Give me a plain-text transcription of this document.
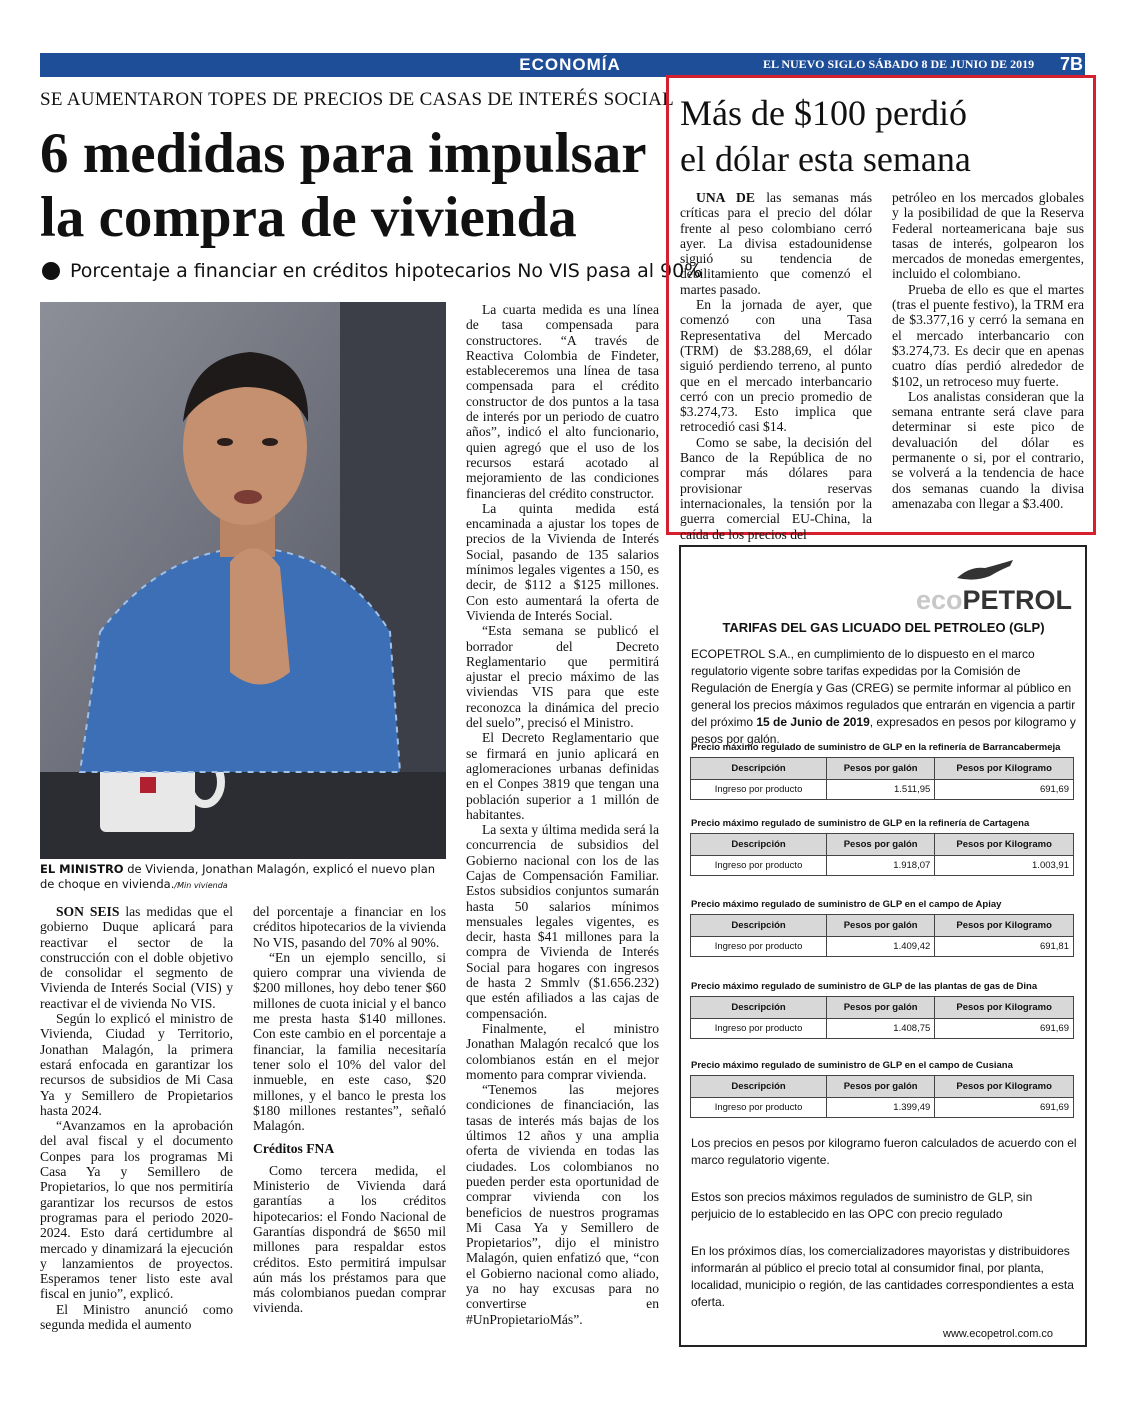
ECONOMÍA	EL NUEVO SIGLO SÁBADO 8 DE JUNIO DE 2019 7B
SE AUMENTARON TOPES DE PRECIOS DE CASAS DE INTERÉS SOCIAL
6 medidas para impulsar
la compra de vivienda
Porcentaje a financiar en créditos hipotecarios No VIS pasa al 90%
EL MINISTRO de Vivienda, Jonathan Malagón, explicó el nuevo plan de choque en vivienda./Min vivienda

SON SEIS las medidas que el gobierno Duque aplicará para reactivar el sector de la construcción con el doble objetivo de consolidar el segmento de Vivienda de Interés Social (VIS) y reactivar el de vivienda No VIS.

Según lo explicó el ministro de Vivienda, Ciudad y Territorio, Jonathan Malagón, la primera estará enfocada en garantizar los recursos de subsidios de Mi Casa Ya y Semillero de Propietarios hasta 2024.

“Avanzamos en la aprobación del aval fiscal y el documento Conpes para los programas Mi Casa Ya y Semillero de Propietarios, lo que nos permitiría garantizar los recursos de estos programas para el periodo 2020-2024. Esto dará certidumbre al mercado y dinamizará la ejecución y lanzamientos de proyectos. Esperamos tener listo este aval fiscal en junio”, explicó.

El Ministro anunció como segunda medida el aumento

del porcentaje a financiar en los créditos hipotecarios de la vivienda No VIS, pasando del 70% al 90%.

“En un ejemplo sencillo, si quiero comprar una vivienda de $200 millones, hoy debo tener $60 millones de cuota inicial y el banco me presta hasta $140 millones. Con este cambio en el porcentaje a financiar, la familia necesitaría tener solo el 10% del valor del inmueble, en este caso, $20 millones, y el banco le presta los $180 millones restantes”, señaló Malagón.

Créditos FNA

Como tercera medida, el Ministerio de Vivienda dará garantías a los créditos hipotecarios: el Fondo Nacional de Garantías dispondrá de $650 mil millones para respaldar estos créditos. Esto permitirá impulsar aún más los préstamos para que más colombianos puedan comprar vivienda.

La cuarta medida es una línea de tasa compensada para constructores. “A través de Reactiva Colombia de Findeter, estableceremos una línea de tasa compensada para el crédito constructor de dos puntos a la tasa de interés por un periodo de cuatro años”, indicó el alto funcionario, quien agregó que el uso de los recursos estará acotado al mejoramiento de las condiciones financieras del crédito constructor.

La quinta medida está encaminada a ajustar los topes de precios de la Vivienda de Interés Social, pasando de 135 salarios mínimos legales vigentes a 150, es decir, de $112 a $125 millones. Con esto aumentará la oferta de Vivienda de Interés Social.

“Esta semana se publicó el borrador del Decreto Reglamentario que permitirá ajustar el precio máximo de las viviendas VIS para que este reconozca la dinámica del precio del suelo”, precisó el Ministro.

El Decreto Reglamentario que se firmará en junio aplicará en aglomeraciones urbanas definidas en el Conpes 3819 que tengan una población superior a 1 millón de habitantes.

La sexta y última medida será la concurrencia de subsidios del Gobierno nacional con los de las Cajas de Compensación Familiar. Estos subsidios conjuntos sumarán hasta 50 salarios mínimos mensuales legales vigentes, es decir, hasta $41 millones para la compra de Vivienda de Interés Social para hogares con ingresos de hasta 2 Smmlv ($1.656.232) que estén afiliados a las cajas de compensación.

Finalmente, el ministro Jonathan Malagón recalcó que los colombianos están en el mejor momento para comprar vivienda.

“Tenemos las mejores condiciones de financiación, las tasas de interés más bajas de los últimos 12 años y una amplia oferta de vivienda en todas las ciudades. Los colombianos no pueden perder esta oportunidad de comprar vivienda con los beneficios de nuestros programas Mi Casa Ya y Semillero de Propietarios”, dijo el ministro Malagón, quien enfatizó que, “con el Gobierno nacional como aliado, ya no hay excusas para no convertirse en #UnPropietarioMás”.

Más de $100 perdió
el dólar esta semana

UNA DE las semanas más críticas para el precio del dólar frente al peso colombiano cerró ayer. La divisa estadounidense siguió su tendencia de debilitamiento que comenzó el martes pasado.

En la jornada de ayer, que comenzó con una Tasa Representativa del Mercado (TRM) de $3.288,69, el dólar siguió perdiendo terreno, al punto que en el mercado interbancario cerró con un precio promedio de $3.274,73. Esto implica que retrocedió casi $14.

Como se sabe, la decisión del Banco de la República de no comprar más dólares para provisionar reservas internacionales, la tensión por la guerra comercial EU-China, la caída de los precios del

petróleo en los mercados globales y la posibilidad de que la Reserva Federal norteamericana baje sus tasas de interés, golpearon los mercados de monedas emergentes, incluido el colombiano.

Prueba de ello es que el martes (tras el puente festivo), la TRM era de $3.377,16 y cerró la semana en el mercado interbancario con $3.274,73. Es decir que en apenas cuatro días perdió alrededor de $102, un retroceso muy fuerte.

Los analistas consideran que la semana entrante será clave para determinar si este pico de devaluación del dólar es permanente o si, por el contrario, se volverá a la tendencia de hace dos semanas cuando la divisa amenazaba con llegar a $3.400.

ecoPETROL
TARIFAS DEL GAS LICUADO DEL PETROLEO (GLP)
ECOPETROL S.A., en cumplimiento de lo dispuesto en el marco regulatorio vigente sobre tarifas expedidas por la Comisión de Regulación de Energía y Gas (CREG) se permite informar al público en general los precios máximos regulados que entrarán en vigencia a partir del próximo 15 de Junio de 2019, expresados en pesos por kilogramo y pesos por galón.
Precio máximo regulado de suministro de GLP en la refinería de Barrancabermeja
Descripción	Pesos por galón	Pesos por Kilogramo
Ingreso por producto	1.511,95	691,69
Precio máximo regulado de suministro de GLP en la refinería de Cartagena
Descripción	Pesos por galón	Pesos por Kilogramo
Ingreso por producto	1.918,07	1.003,91
Precio máximo regulado de suministro de GLP en el campo de Apiay
Descripción	Pesos por galón	Pesos por Kilogramo
Ingreso por producto	1.409,42	691,81
Precio máximo regulado de suministro de GLP de las plantas de gas de Dina
Descripción	Pesos por galón	Pesos por Kilogramo
Ingreso por producto	1.408,75	691,69
Precio máximo regulado de suministro de GLP en el campo de Cusiana
Descripción	Pesos por galón	Pesos por Kilogramo
Ingreso por producto	1.399,49	691,69
Los precios en pesos por kilogramo fueron calculados de acuerdo con el marco regulatorio vigente.
Estos son precios máximos regulados de suministro de GLP, sin perjuicio de lo establecido en las OPC con precio regulado
En los próximos días, los comercializadores mayoristas y distribuidores informarán al público el precio total al consumidor final, por planta, localidad, municipio o región, de las cantidades correspondientes a esta oferta.
www.ecopetrol.com.co
